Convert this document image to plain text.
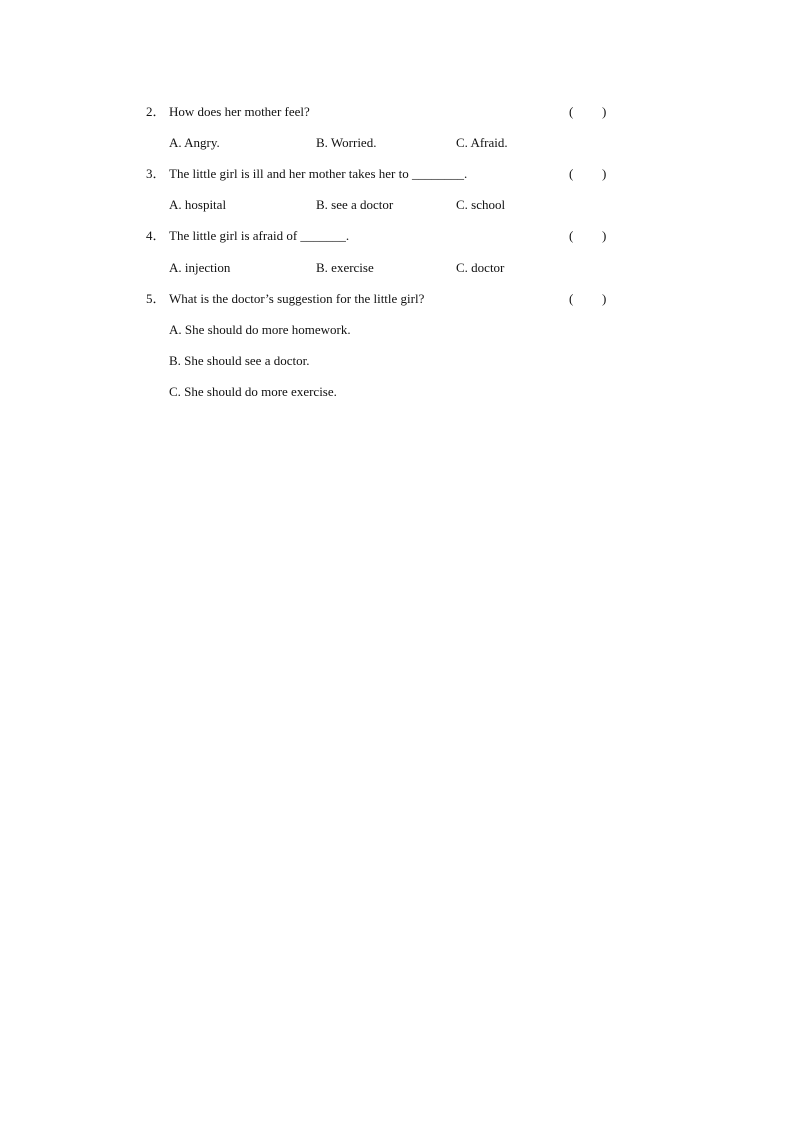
2． How does her mother feel?	( )
A. Angry.	B. Worried.	C. Afraid.
3． The little girl is ill and her mother takes her to ________.	( )
A. hospital	B. see a doctor	C. school
4． The little girl is afraid of _______.	( )
A. injection	B. exercise	C. doctor
5． What is the doctor’s suggestion for the little girl?	( )
A. She should do more homework.
B. She should see a doctor.
C. She should do more exercise.
